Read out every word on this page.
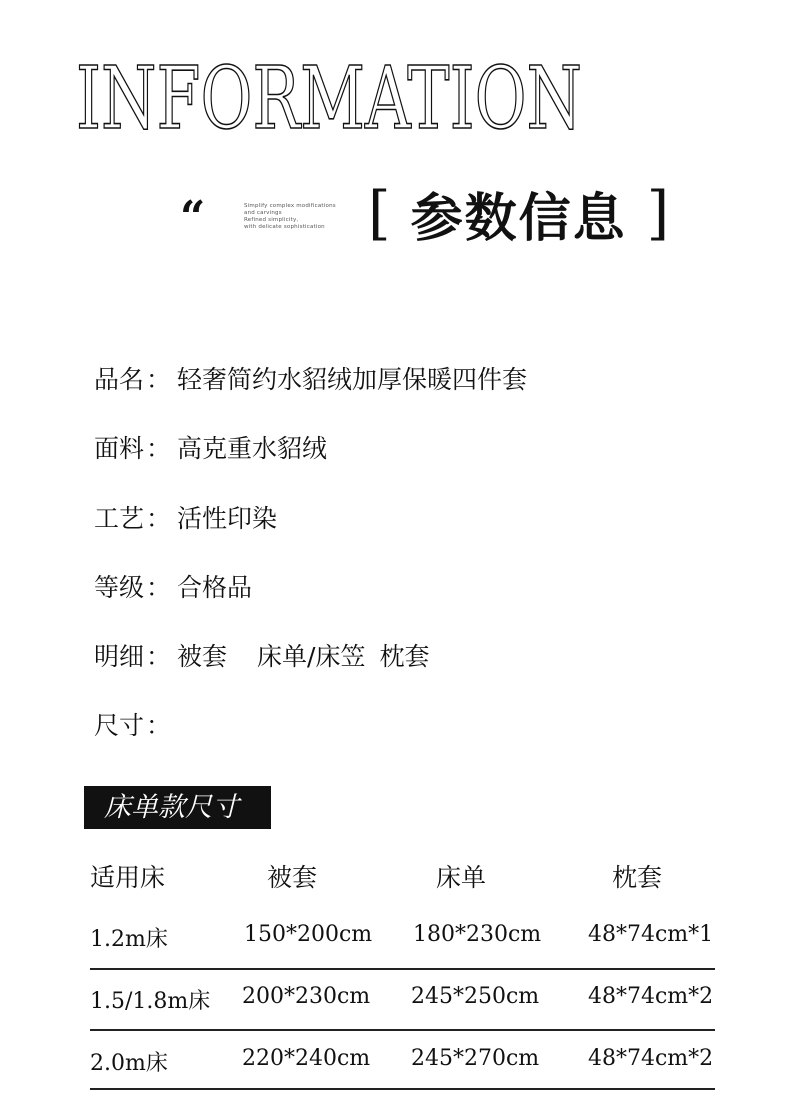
INFORMATION
“	Simplify complex modifications
and carvings
Refined simplicity,
with delicate sophistication [ 参数信息 ]
品名： 轻奢简约水貂绒加厚保暖四件套
面料： 高克重水貂绒
工艺： 活性印染
等级： 合格品
明细： 被套 床单/床笠 枕套
尺寸：
床单款尺寸
适用床	被套	床单	枕套
1.2m床	150*200cm 180*230cm 48*74cm*1
1.5/1.8m床 200*230cm 245*250cm 48*74cm*2
2.0m床	220*240cm 245*270cm 48*74cm*2
